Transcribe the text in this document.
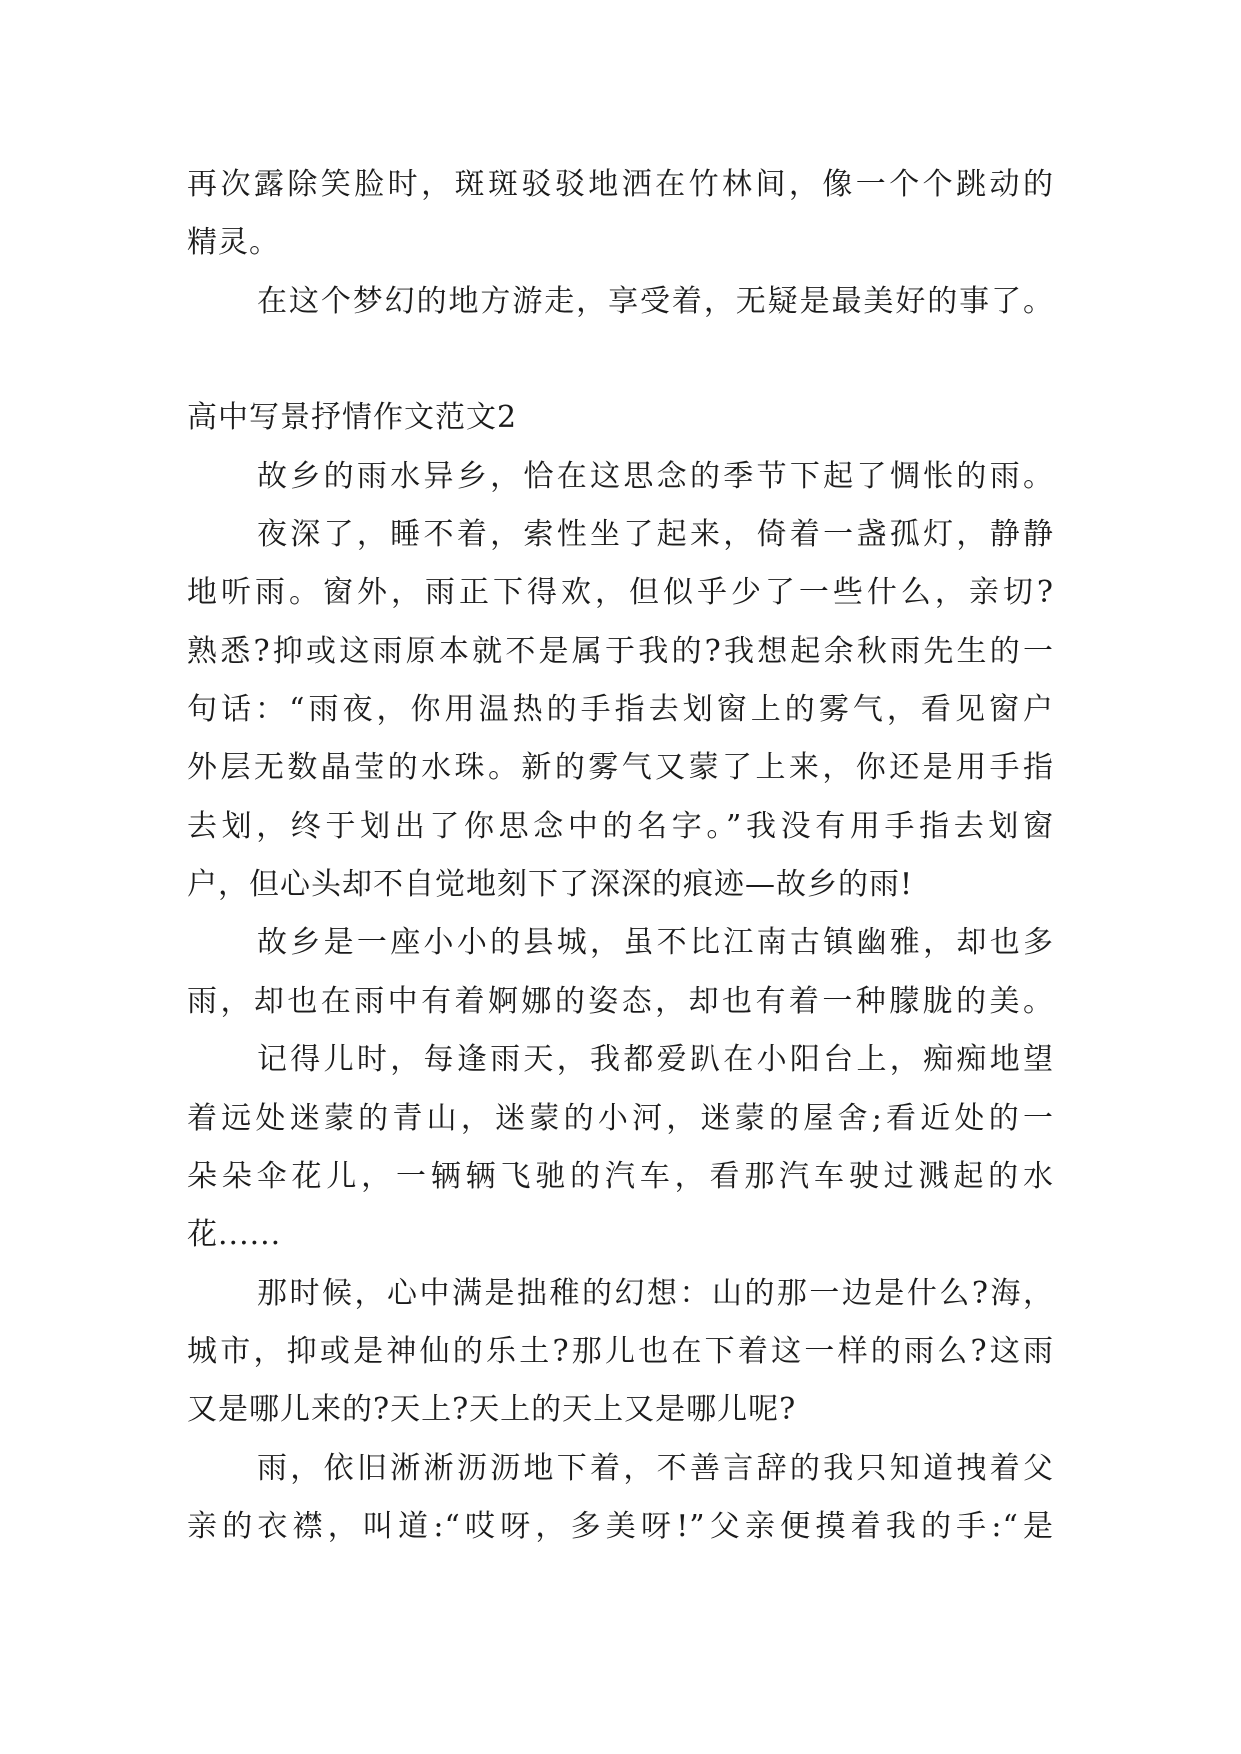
再次露除笑脸时，斑斑驳驳地洒在竹林间，像一个个跳动的
精灵。
在这个梦幻的地方游走，享受着，无疑是最美好的事了。
高中写景抒情作文范文2
故乡的雨水异乡，恰在这思念的季节下起了惆怅的雨。
夜深了，睡不着，索性坐了起来，倚着一盏孤灯，静静
地听雨。窗外，雨正下得欢，但似乎少了一些什么，亲切?
熟悉?抑或这雨原本就不是属于我的?我想起余秋雨先生的一
句话：“雨夜，你用温热的手指去划窗上的雾气，看见窗户
外层无数晶莹的水珠。新的雾气又蒙了上来，你还是用手指
去划，终于划出了你思念中的名字。”我没有用手指去划窗
户，但心头却不自觉地刻下了深深的痕迹—故乡的雨!
故乡是一座小小的县城，虽不比江南古镇幽雅，却也多
雨，却也在雨中有着婀娜的姿态，却也有着一种朦胧的美。
记得儿时，每逢雨天，我都爱趴在小阳台上，痴痴地望
着远处迷蒙的青山，迷蒙的小河，迷蒙的屋舍;看近处的一
朵朵伞花儿，一辆辆飞驰的汽车，看那汽车驶过溅起的水
花......
那时候，心中满是拙稚的幻想：山的那一边是什么?海，
城市，抑或是神仙的乐土?那儿也在下着这一样的雨么?这雨
又是哪儿来的?天上?天上的天上又是哪儿呢?
雨，依旧淅淅沥沥地下着，不善言辞的我只知道拽着父
亲的衣襟，叫道:“哎呀，多美呀!”父亲便摸着我的手:“是
